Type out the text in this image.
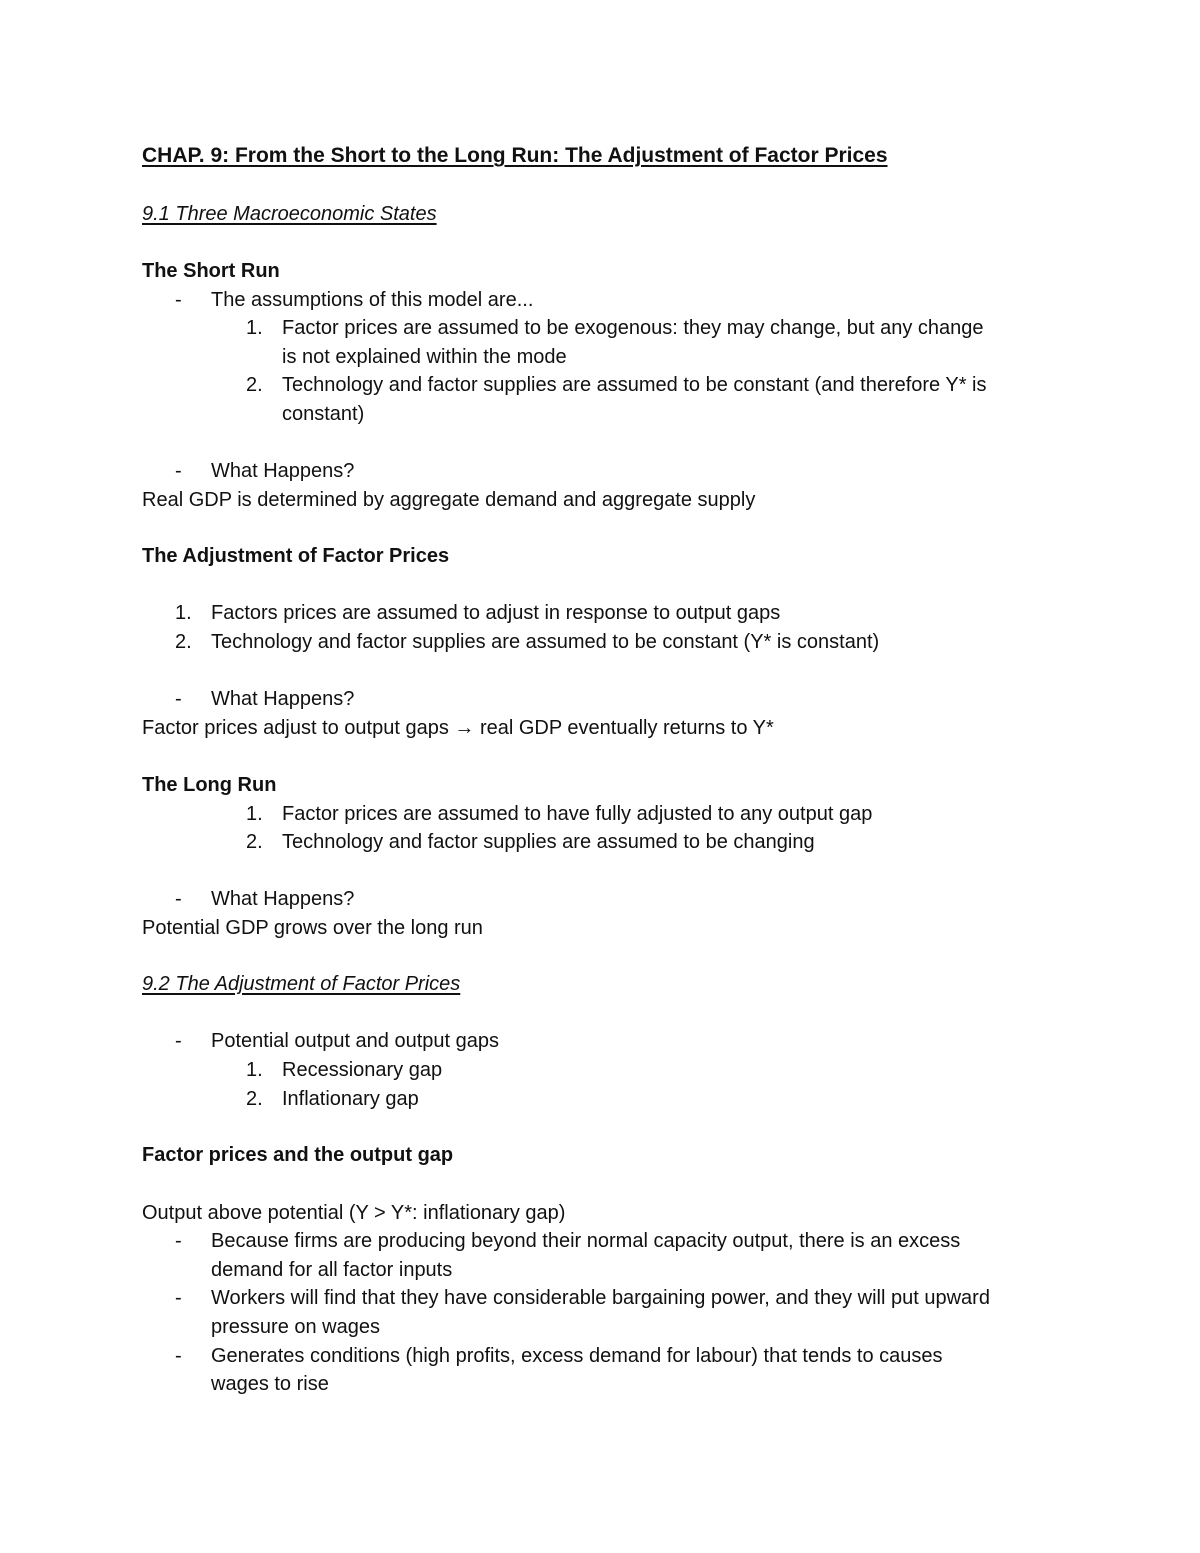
CHAP. 9: From the Short to the Long Run: The Adjustment of Factor Prices
9.1 Three Macroeconomic States
The Short Run
- The assumptions of this model are...
1. Factor prices are assumed to be exogenous: they may change, but any change
is not explained within the mode
2. Technology and factor supplies are assumed to be constant (and therefore Y* is
constant)
- What Happens?
Real GDP is determined by aggregate demand and aggregate supply
The Adjustment of Factor Prices
1. Factors prices are assumed to adjust in response to output gaps
2. Technology and factor supplies are assumed to be constant (Y* is constant)
- What Happens?
Factor prices adjust to output gaps → real GDP eventually returns to Y*
The Long Run
1. Factor prices are assumed to have fully adjusted to any output gap
2. Technology and factor supplies are assumed to be changing
- What Happens?
Potential GDP grows over the long run
9.2 The Adjustment of Factor Prices
- Potential output and output gaps
1. Recessionary gap
2. Inflationary gap
Factor prices and the output gap
Output above potential (Y > Y*: inflationary gap)
- Because firms are producing beyond their normal capacity output, there is an excess
demand for all factor inputs
- Workers will find that they have considerable bargaining power, and they will put upward
pressure on wages
- Generates conditions (high profits, excess demand for labour) that tends to causes
wages to rise
